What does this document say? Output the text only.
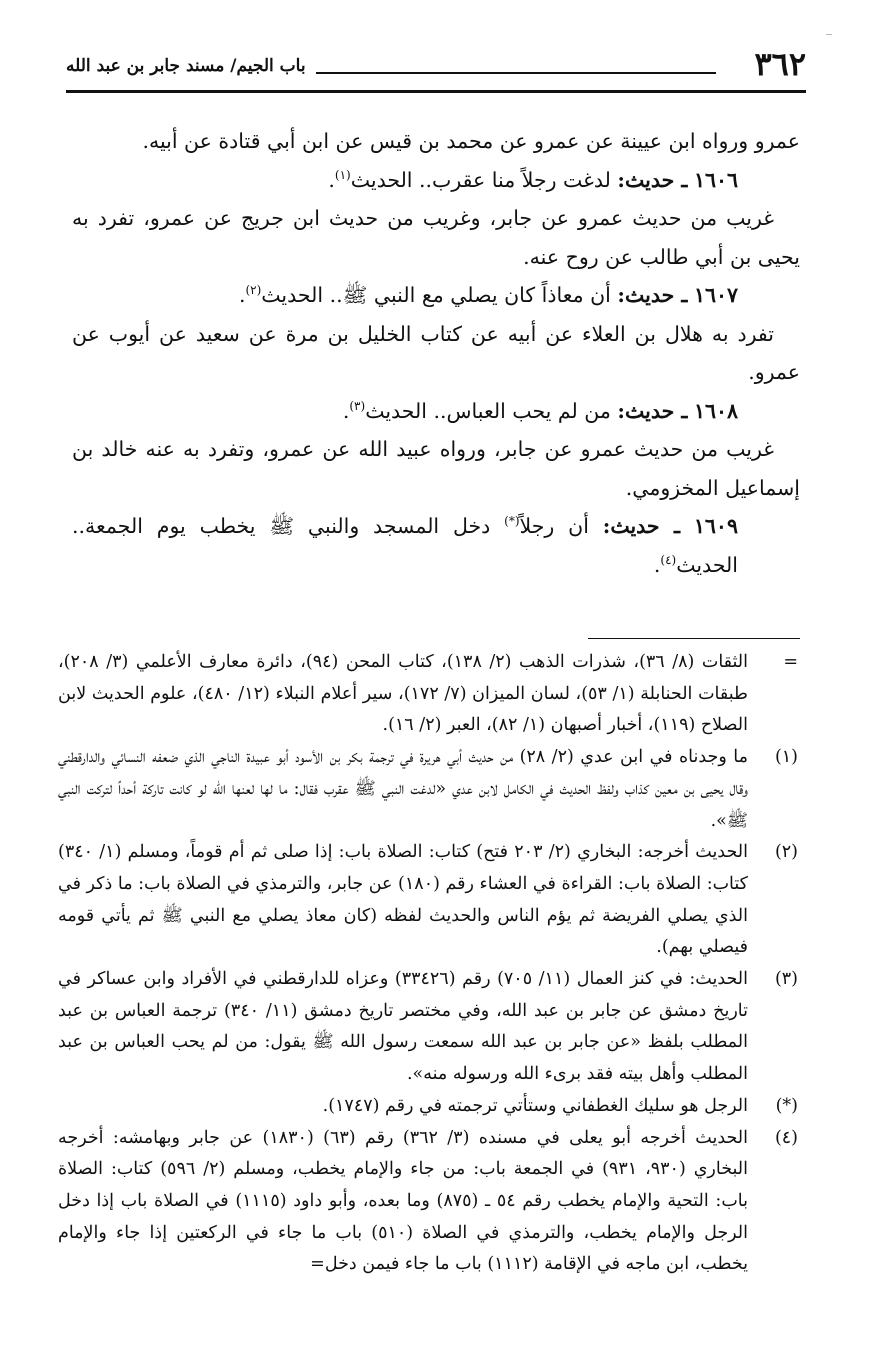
٣٦٢
باب الجيم/ مسند جابر بن عبد الله

عمرو ورواه ابن عيينة عن عمرو عن محمد بن قيس عن ابن أبي قتادة عن أبيه.

١٦٠٦ ـ حديث: لدغت رجلاً منا عقرب.. الحديث$^{(١)}$.

غريب من حديث عمرو عن جابر، وغريب من حديث ابن جريج عن عمرو، تفرد به يحيى بن أبي طالب عن روح عنه.

١٦٠٧ ـ حديث: أن معاذاً كان يصلي مع النبي ﷺ.. الحديث$^{(٢)}$.

تفرد به هلال بن العلاء عن أبيه عن كتاب الخليل بن مرة عن سعيد عن أيوب عن عمرو.

١٦٠٨ ـ حديث: من لم يحب العباس.. الحديث$^{(٣)}$.

غريب من حديث عمرو عن جابر، ورواه عبيد الله عن عمرو، وتفرد به عنه خالد بن إسماعيل المخزومي.

١٦٠٩ ـ حديث: أن رجلاً(*) دخل المسجد والنبي ﷺ يخطب يوم الجمعة.. الحديث$^{(٤)}$.

=
الثقات (٨/ ٣٦)، شذرات الذهب (٢/ ١٣٨)، كتاب المحن (٩٤)، دائرة معارف الأعلمي (٣/ ٢٠٨)، طبقات الحنابلة (١/ ٥٣)، لسان الميزان (٧/ ١٧٢)، سير أعلام النبلاء (١٢/ ٤٨٠)، علوم الحديث لابن الصلاح (١١٩)، أخبار أصبهان (١/ ٨٢)، العبر (٢/ ١٦).

(١)
ما وجدناه في ابن عدي (٢/ ٢٨) من حديث أبي هريرة في ترجمة بكر بن الأسود أبو عبيدة الناجي الذي ضعفه النسائي والدارقطني وقال يحيى بن معين كذاب ولفظ الحديث في الكامل لابن عدي «لدغت النبي ﷺ عقرب فقال: ما لها لعنها الله لو كانت تاركة أحداً لتركت النبي ﷺ».

(٢)
الحديث أخرجه: البخاري (٢/ ٢٠٣ فتح) كتاب: الصلاة باب: إذا صلى ثم أم قوماً، ومسلم (١/ ٣٤٠) كتاب: الصلاة باب: القراءة في العشاء رقم (١٨٠) عن جابر، والترمذي في الصلاة باب: ما ذكر في الذي يصلي الفريضة ثم يؤم الناس والحديث لفظه (كان معاذ يصلي مع النبي ﷺ ثم يأتي قومه فيصلي بهم).

(٣)
الحديث: في كنز العمال (١١/ ٧٠٥) رقم (٣٣٤٢٦) وعزاه للدارقطني في الأفراد وابن عساكر في تاريخ دمشق عن جابر بن عبد الله، وفي مختصر تاريخ دمشق (١١/ ٣٤٠) ترجمة العباس بن عبد المطلب بلفظ «عن جابر بن عبد الله سمعت رسول الله ﷺ يقول: من لم يحب العباس بن عبد المطلب وأهل بيته فقد برىء الله ورسوله منه».

(*)
الرجل هو سليك الغطفاني وستأتي ترجمته في رقم (١٧٤٧).

(٤)
الحديث أخرجه أبو يعلى في مسنده (٣/ ٣٦٢) رقم (٦٣) (١٨٣٠) عن جابر وبهامشه: أخرجه البخاري (٩٣٠، ٩٣١) في الجمعة باب: من جاء والإمام يخطب، ومسلم (٢/ ٥٩٦) كتاب: الصلاة باب: التحية والإمام يخطب رقم ٥٤ ـ (٨٧٥) وما بعده، وأبو داود (١١١٥) في الصلاة باب إذا دخل الرجل والإمام يخطب، والترمذي في الصلاة (٥١٠) باب ما جاء في الركعتين إذا جاء والإمام يخطب، ابن ماجه في الإقامة (١١١٢) باب ما جاء فيمن دخل=
